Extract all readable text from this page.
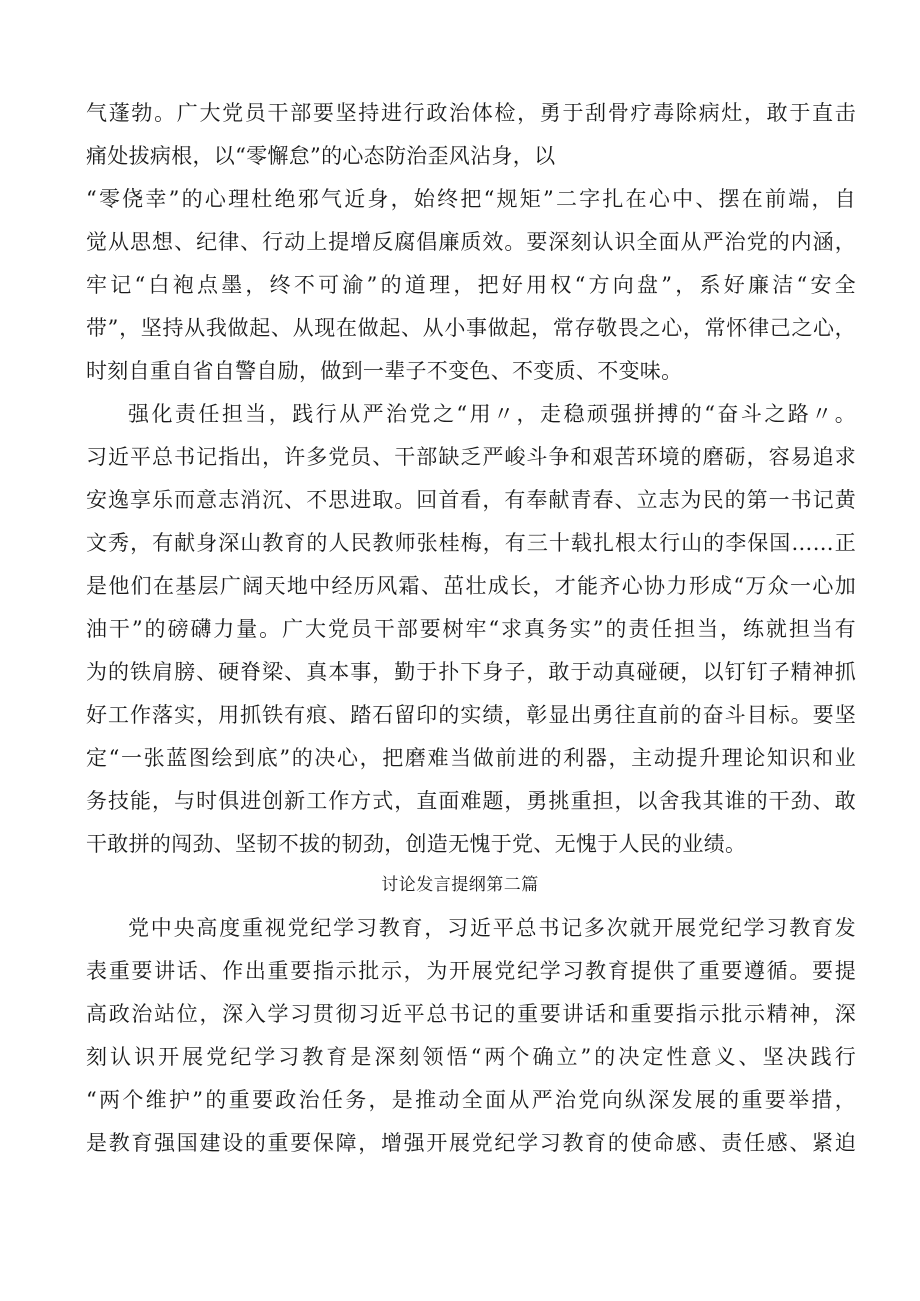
气蓬勃。广大党员干部要坚持进行政治体检，勇于刮骨疗毒除病灶，敢于直击
痛处拔病根，以“零懈怠”的心态防治歪风沾身，以
“零侥幸”的心理杜绝邪气近身，始终把“规矩”二字扎在心中、摆在前端，自
觉从思想、纪律、行动上提增反腐倡廉质效。要深刻认识全面从严治党的内涵，
牢记“白袍点墨，终不可渝”的道理，把好用权“方向盘”，系好廉洁“安全
带”，坚持从我做起、从现在做起、从小事做起，常存敬畏之心，常怀律己之心，
时刻自重自省自警自励，做到一辈子不变色、不变质、不变味。
强化责任担当，践行从严治党之“用〃，走稳顽强拼搏的“奋斗之路〃。
习近平总书记指出，许多党员、干部缺乏严峻斗争和艰苦环境的磨砺，容易追求
安逸享乐而意志消沉、不思进取。回首看，有奉献青春、立志为民的第一书记黄
文秀，有献身深山教育的人民教师张桂梅，有三十载扎根太行山的李保国……正
是他们在基层广阔天地中经历风霜、茁壮成长，才能齐心协力形成“万众一心加
油干”的磅礴力量。广大党员干部要树牢“求真务实”的责任担当，练就担当有
为的铁肩膀、硬脊梁、真本事，勤于扑下身子，敢于动真碰硬，以钉钉子精神抓
好工作落实，用抓铁有痕、踏石留印的实绩，彰显出勇往直前的奋斗目标。要坚
定“一张蓝图绘到底”的决心，把磨难当做前进的利器，主动提升理论知识和业
务技能，与时俱进创新工作方式，直面难题，勇挑重担，以舍我其谁的干劲、敢
干敢拼的闯劲、坚韧不拔的韧劲，创造无愧于党、无愧于人民的业绩。
讨论发言提纲第二篇
党中央高度重视党纪学习教育，习近平总书记多次就开展党纪学习教育发
表重要讲话、作出重要指示批示，为开展党纪学习教育提供了重要遵循。要提
高政治站位，深入学习贯彻习近平总书记的重要讲话和重要指示批示精神，深
刻认识开展党纪学习教育是深刻领悟“两个确立”的决定性意义、坚决践行
“两个维护”的重要政治任务，是推动全面从严治党向纵深发展的重要举措，
是教育强国建设的重要保障，增强开展党纪学习教育的使命感、责任感、紧迫
